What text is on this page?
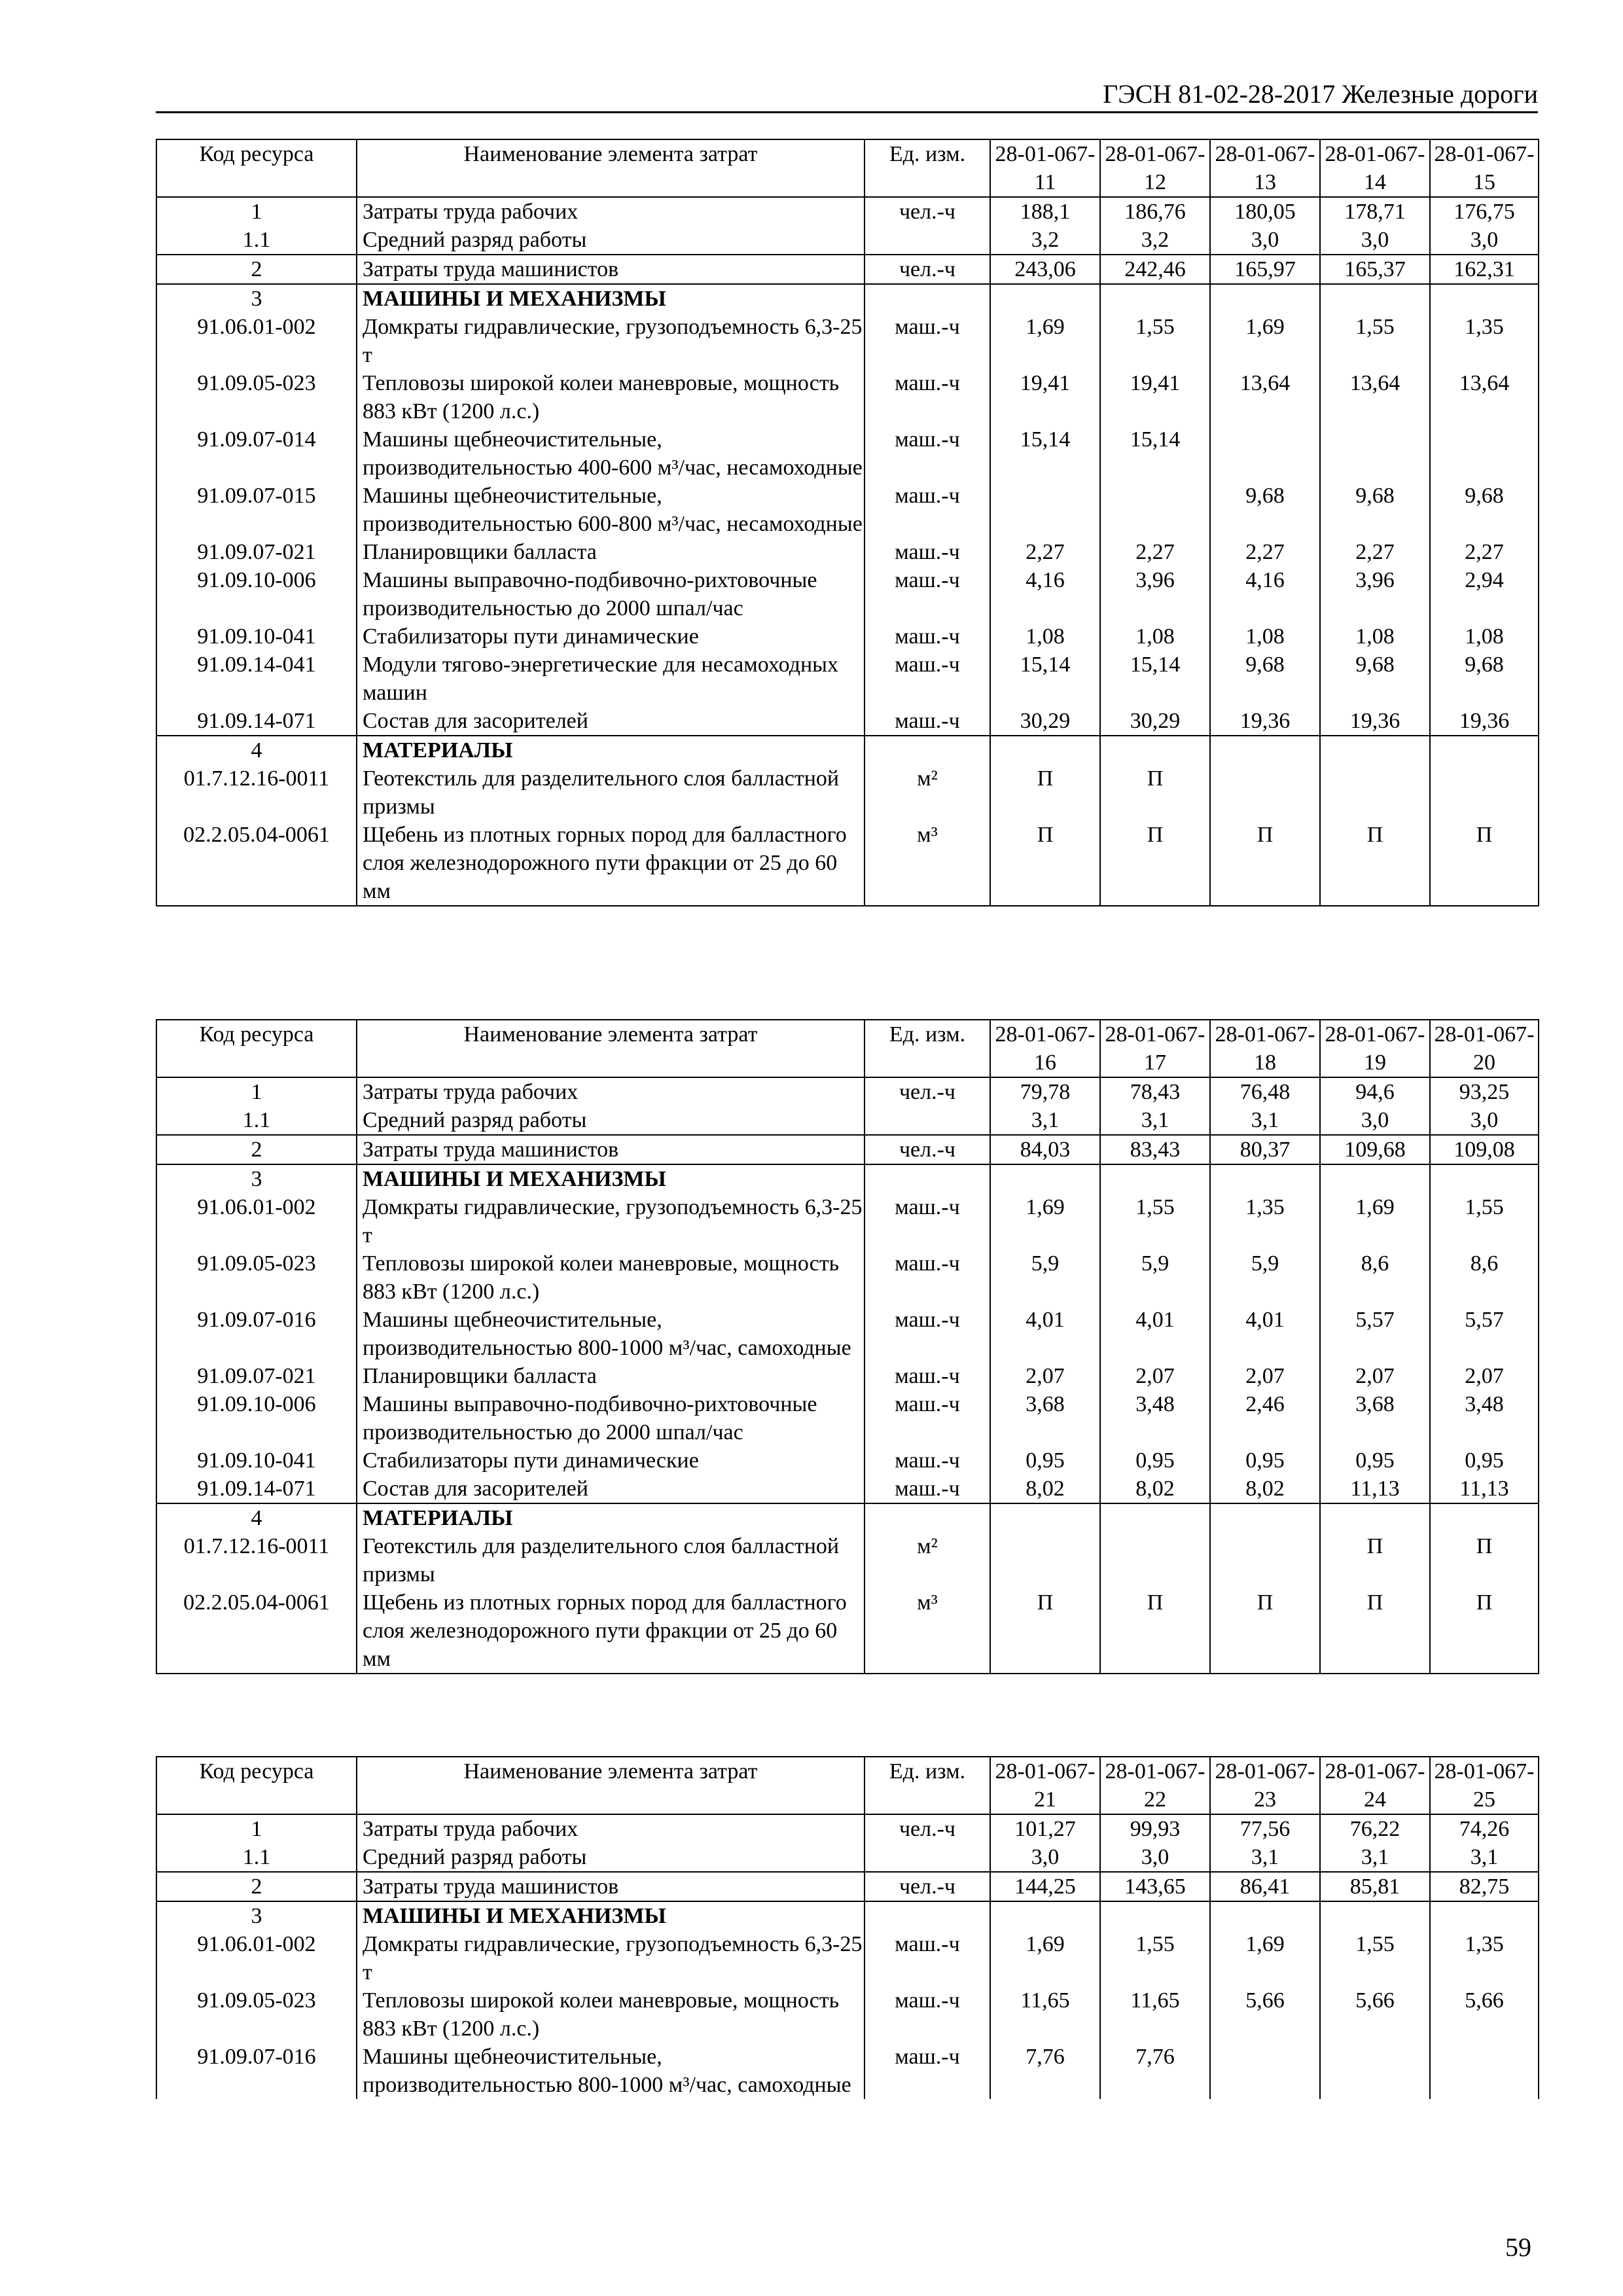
ГЭСН 81-02-28-2017 Железные дороги
Код ресурса	Наименование элемента затрат	Ед. изм.	28-01-067-11	28-01-067-12	28-01-067-13	28-01-067-14	28-01-067-15
1	Затраты труда рабочих	чел.-ч	188,1	186,76	180,05	178,71	176,75
1.1	Средний разряд работы		3,2	3,2	3,0	3,0	3,0
2	Затраты труда машинистов	чел.-ч	243,06	242,46	165,97	165,37	162,31
3	МАШИНЫ И МЕХАНИЗМЫ						
91.06.01-002	Домкраты гидравлические, грузоподъемность 6,3-25 т	маш.-ч	1,69	1,55	1,69	1,55	1,35
91.09.05-023	Тепловозы широкой колеи маневровые, мощность 883 кВт (1200 л.с.)	маш.-ч	19,41	19,41	13,64	13,64	13,64
91.09.07-014	Машины щебнеочистительные, производительностью 400-600 м³/час, несамоходные	маш.-ч	15,14	15,14			
91.09.07-015	Машины щебнеочистительные, производительностью 600-800 м³/час, несамоходные	маш.-ч			9,68	9,68	9,68
91.09.07-021	Планировщики балласта	маш.-ч	2,27	2,27	2,27	2,27	2,27
91.09.10-006	Машины выправочно-подбивочно-рихтовочные производительностью до 2000 шпал/час	маш.-ч	4,16	3,96	4,16	3,96	2,94
91.09.10-041	Стабилизаторы пути динамические	маш.-ч	1,08	1,08	1,08	1,08	1,08
91.09.14-041	Модули тягово-энергетические для несамоходных машин	маш.-ч	15,14	15,14	9,68	9,68	9,68
91.09.14-071	Состав для засорителей	маш.-ч	30,29	30,29	19,36	19,36	19,36
4	МАТЕРИАЛЫ						
01.7.12.16-0011	Геотекстиль для разделительного слоя балластной призмы	м²	П	П			
02.2.05.04-0061	Щебень из плотных горных пород для балластного слоя железнодорожного пути фракции от 25 до 60 мм	м³	П	П	П	П	П
Код ресурса	Наименование элемента затрат	Ед. изм.	28-01-067-16	28-01-067-17	28-01-067-18	28-01-067-19	28-01-067-20
1	Затраты труда рабочих	чел.-ч	79,78	78,43	76,48	94,6	93,25
1.1	Средний разряд работы		3,1	3,1	3,1	3,0	3,0
2	Затраты труда машинистов	чел.-ч	84,03	83,43	80,37	109,68	109,08
3	МАШИНЫ И МЕХАНИЗМЫ						
91.06.01-002	Домкраты гидравлические, грузоподъемность 6,3-25 т	маш.-ч	1,69	1,55	1,35	1,69	1,55
91.09.05-023	Тепловозы широкой колеи маневровые, мощность 883 кВт (1200 л.с.)	маш.-ч	5,9	5,9	5,9	8,6	8,6
91.09.07-016	Машины щебнеочистительные, производительностью 800-1000 м³/час, самоходные	маш.-ч	4,01	4,01	4,01	5,57	5,57
91.09.07-021	Планировщики балласта	маш.-ч	2,07	2,07	2,07	2,07	2,07
91.09.10-006	Машины выправочно-подбивочно-рихтовочные производительностью до 2000 шпал/час	маш.-ч	3,68	3,48	2,46	3,68	3,48
91.09.10-041	Стабилизаторы пути динамические	маш.-ч	0,95	0,95	0,95	0,95	0,95
91.09.14-071	Состав для засорителей	маш.-ч	8,02	8,02	8,02	11,13	11,13
4	МАТЕРИАЛЫ						
01.7.12.16-0011	Геотекстиль для разделительного слоя балластной призмы	м²				П	П
02.2.05.04-0061	Щебень из плотных горных пород для балластного слоя железнодорожного пути фракции от 25 до 60 мм	м³	П	П	П	П	П
Код ресурса	Наименование элемента затрат	Ед. изм.	28-01-067-21	28-01-067-22	28-01-067-23	28-01-067-24	28-01-067-25
1	Затраты труда рабочих	чел.-ч	101,27	99,93	77,56	76,22	74,26
1.1	Средний разряд работы		3,0	3,0	3,1	3,1	3,1
2	Затраты труда машинистов	чел.-ч	144,25	143,65	86,41	85,81	82,75
3	МАШИНЫ И МЕХАНИЗМЫ						
91.06.01-002	Домкраты гидравлические, грузоподъемность 6,3-25 т	маш.-ч	1,69	1,55	1,69	1,55	1,35
91.09.05-023	Тепловозы широкой колеи маневровые, мощность 883 кВт (1200 л.с.)	маш.-ч	11,65	11,65	5,66	5,66	5,66
91.09.07-016	Машины щебнеочистительные, производительностью 800-1000 м³/час, самоходные	маш.-ч	7,76	7,76			
59
